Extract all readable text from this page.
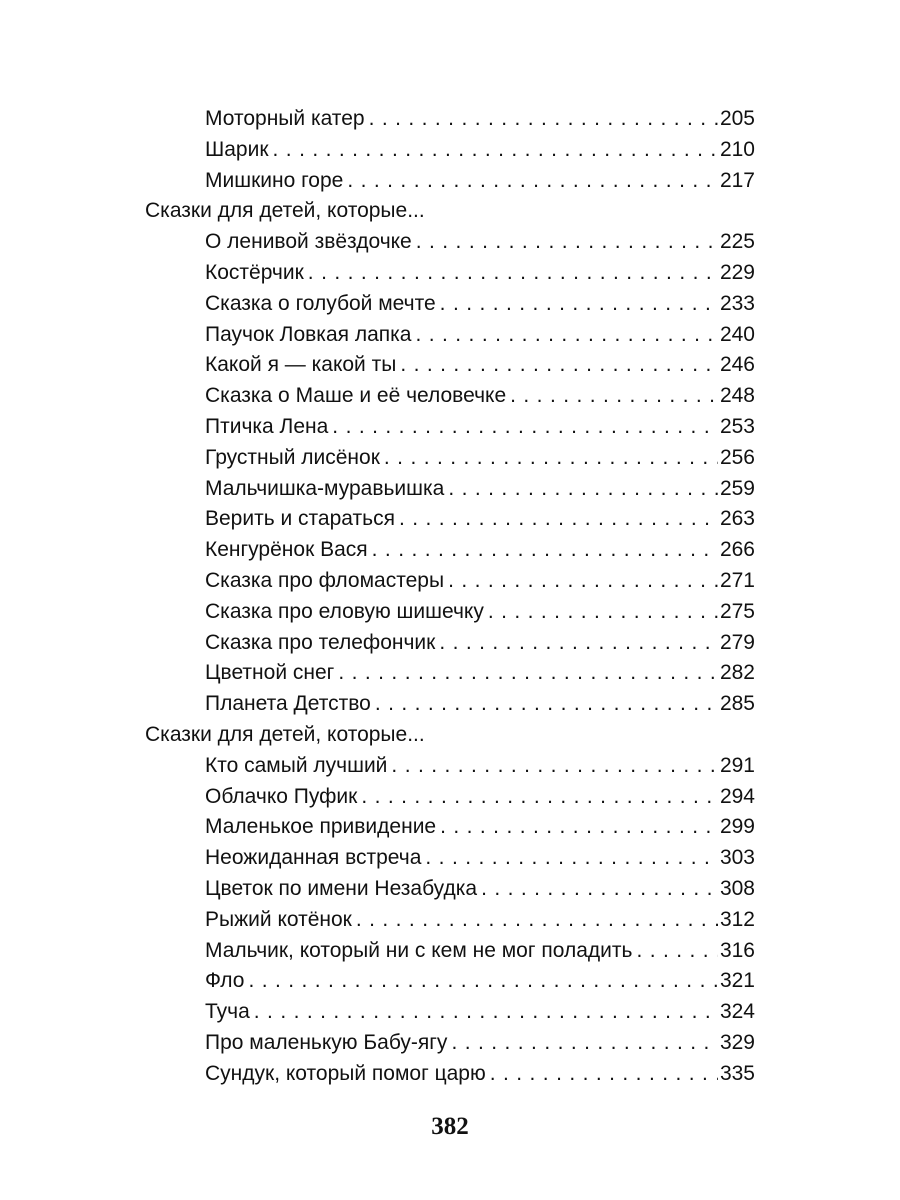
Моторный катер . . .	205
Шарик . . .	210
Мишкино горе . . .	217
Сказки для детей, которые...
О ленивой звёздочке . . .	225
Костёрчик . . .	229
Сказка о голубой мечте . . .	233
Паучок Ловкая лапка . . .	240
Какой я — какой ты . . .	246
Сказка о Маше и её человечке . . .	248
Птичка Лена . . .	253
Грустный лисёнок . . .	256
Мальчишка-муравьишка . . .	259
Верить и стараться . . .	263
Кенгурёнок Вася . . .	266
Сказка про фломастеры . . .	271
Сказка про еловую шишечку . . .	275
Сказка про телефончик . . .	279
Цветной снег . . .	282
Планета Детство . . .	285
Сказки для детей, которые...
Кто самый лучший . . .	291
Облачко Пуфик . . .	294
Маленькое привидение . . .	299
Неожиданная встреча . . .	303
Цветок по имени Незабудка . . .	308
Рыжий котёнок . . .	312
Мальчик, который ни с кем не мог поладить . . .	316
Фло . . .	321
Туча . . .	324
Про маленькую Бабу-ягу . . .	329
Сундук, который помог царю . . .	335
382
